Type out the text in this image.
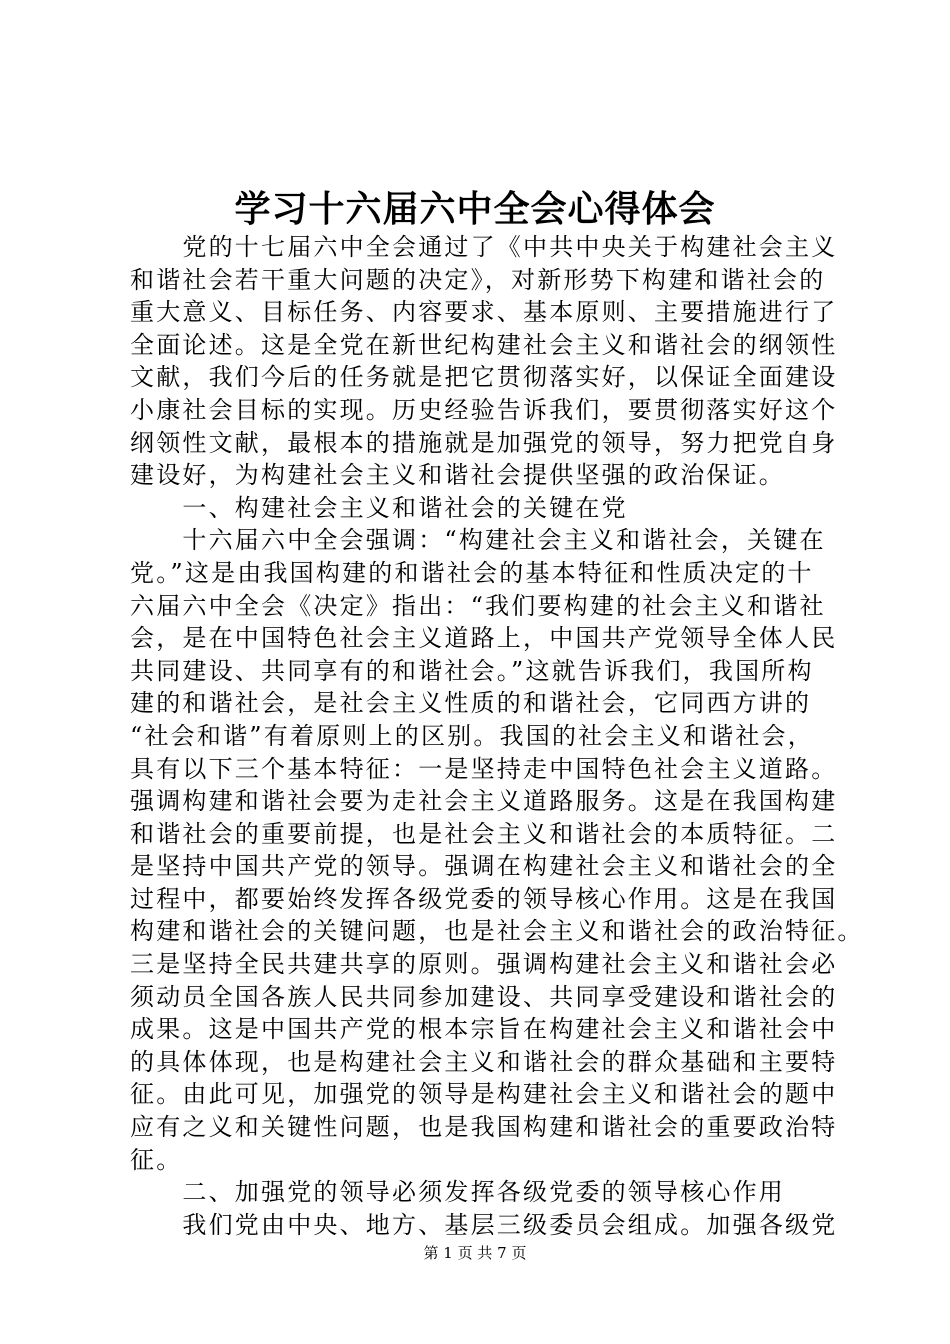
学习十六届六中全会心得体会
　　党的十七届六中全会通过了《中共中央关于构建社会主义
和谐社会若干重大问题的决定》，对新形势下构建和谐社会的
重大意义、目标任务、内容要求、基本原则、主要措施进行了
全面论述。这是全党在新世纪构建社会主义和谐社会的纲领性
文献，我们今后的任务就是把它贯彻落实好，以保证全面建设
小康社会目标的实现。历史经验告诉我们，要贯彻落实好这个
纲领性文献，最根本的措施就是加强党的领导，努力把党自身
建设好，为构建社会主义和谐社会提供坚强的政治保证。
　　一、构建社会主义和谐社会的关键在党
　　十六届六中全会强调：“构建社会主义和谐社会，关键在
党。”这是由我国构建的和谐社会的基本特征和性质决定的十
六届六中全会《决定》指出：“我们要构建的社会主义和谐社
会，是在中国特色社会主义道路上，中国共产党领导全体人民
共同建设、共同享有的和谐社会。”这就告诉我们，我国所构
建的和谐社会，是社会主义性质的和谐社会，它同西方讲的
“社会和谐”有着原则上的区别。我国的社会主义和谐社会，
具有以下三个基本特征：一是坚持走中国特色社会主义道路。
强调构建和谐社会要为走社会主义道路服务。这是在我国构建
和谐社会的重要前提，也是社会主义和谐社会的本质特征。二
是坚持中国共产党的领导。强调在构建社会主义和谐社会的全
过程中，都要始终发挥各级党委的领导核心作用。这是在我国
构建和谐社会的关键问题，也是社会主义和谐社会的政治特征。
三是坚持全民共建共享的原则。强调构建社会主义和谐社会必
须动员全国各族人民共同参加建设、共同享受建设和谐社会的
成果。这是中国共产党的根本宗旨在构建社会主义和谐社会中
的具体体现，也是构建社会主义和谐社会的群众基础和主要特
征。由此可见，加强党的领导是构建社会主义和谐社会的题中
应有之义和关键性问题，也是我国构建和谐社会的重要政治特
征。
　　二、加强党的领导必须发挥各级党委的领导核心作用
　　我们党由中央、地方、基层三级委员会组成。加强各级党
第 1 页 共 7 页
